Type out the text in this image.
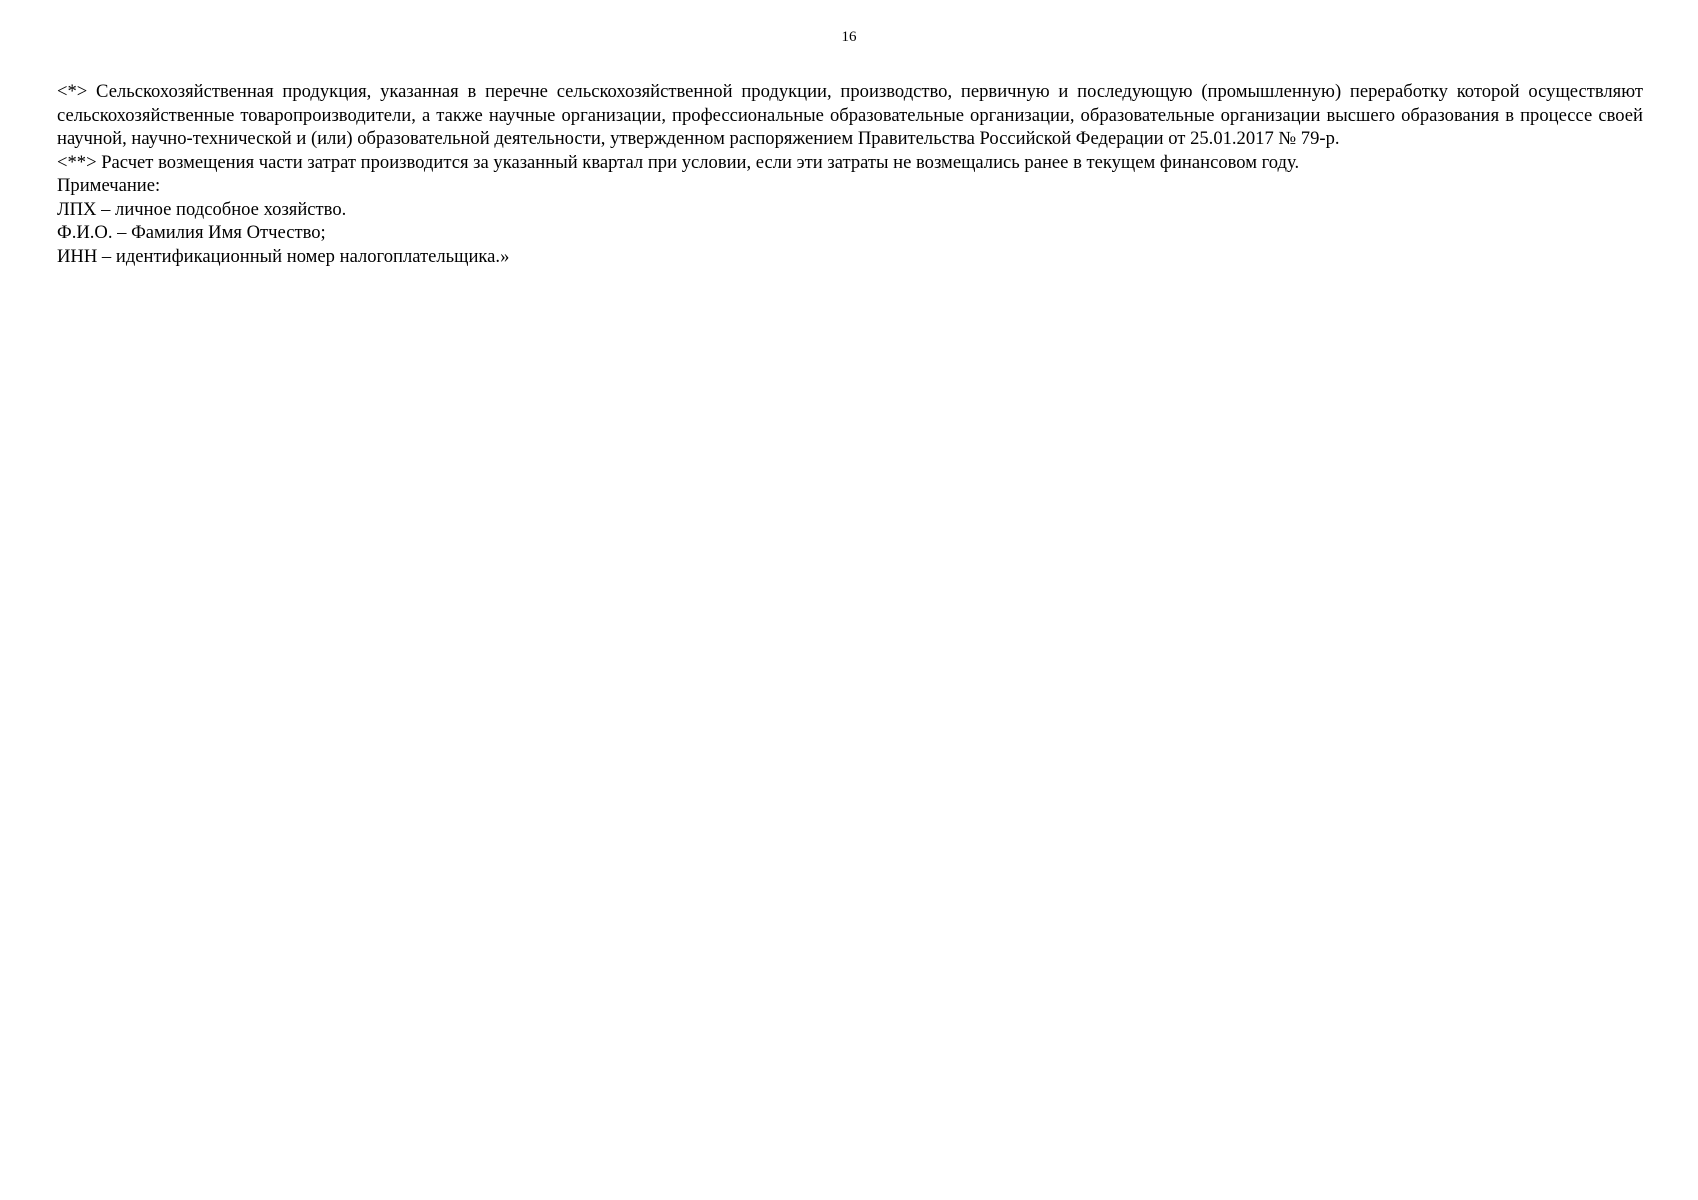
16

<*> Сельскохозяйственная продукция, указанная в перечне сельскохозяйственной продукции, производство, первичную и последующую (промышленную) переработку которой осуществляют сельскохозяйственные товаропроизводители, а также научные организации, профессиональные образовательные организации, образовательные организации высшего образования в процессе своей научной, научно-технической и (или) образовательной деятельности, утвержденном распоряжением Правительства Российской Федерации от 25.01.2017 № 79-р.

<**> Расчет возмещения части затрат производится за указанный квартал при условии, если эти затраты не возмещались ранее в текущем финансовом году.

Примечание:

ЛПХ – личное подсобное хозяйство.

Ф.И.О. – Фамилия Имя Отчество;

ИНН – идентификационный номер налогоплательщика.»
